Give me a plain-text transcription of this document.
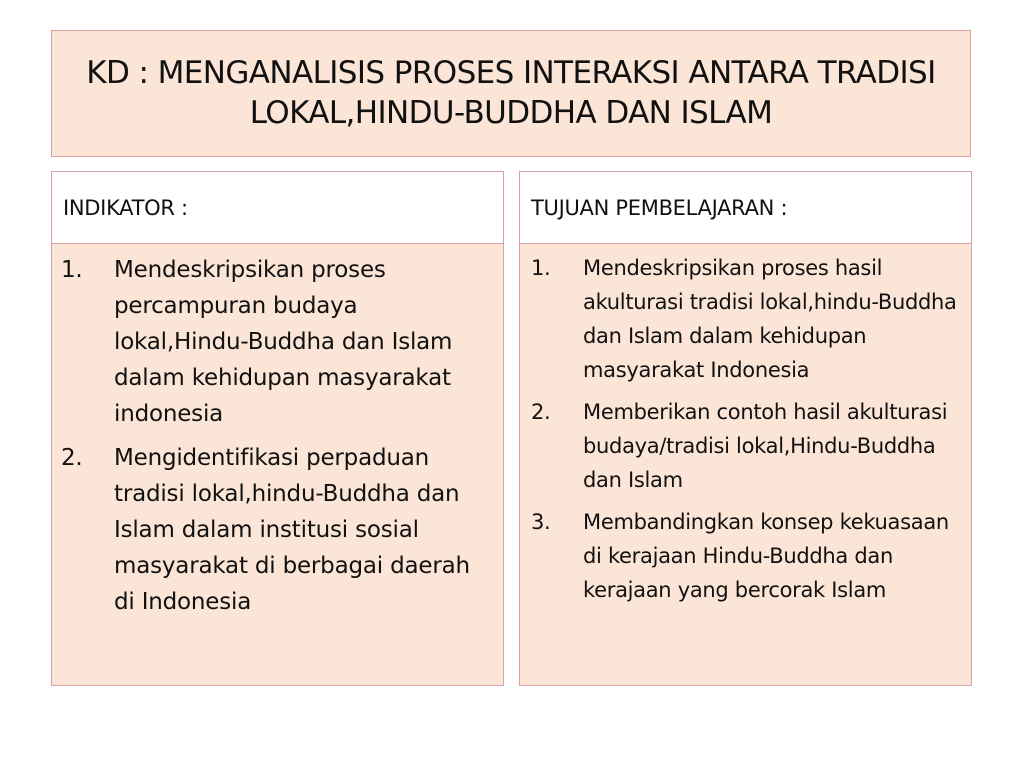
KD : MENGANALISIS PROSES INTERAKSI ANTARA TRADISI LOKAL,HINDU-BUDDHA DAN ISLAM
INDIKATOR :
1.	Mendeskripsikan proses percampuran budaya lokal,Hindu-Buddha dan Islam dalam kehidupan masyarakat indonesia
2.	Mengidentifikasi perpaduan tradisi lokal,hindu-Buddha dan Islam dalam institusi sosial masyarakat di berbagai daerah di Indonesia
TUJUAN PEMBELAJARAN :
1.	Mendeskripsikan proses hasil akulturasi tradisi lokal,hindu-Buddha dan Islam dalam kehidupan masyarakat Indonesia
2.	Memberikan contoh hasil akulturasi budaya/tradisi lokal,Hindu-Buddha dan Islam
3.	Membandingkan konsep kekuasaan di kerajaan Hindu-Buddha dan kerajaan yang bercorak Islam
